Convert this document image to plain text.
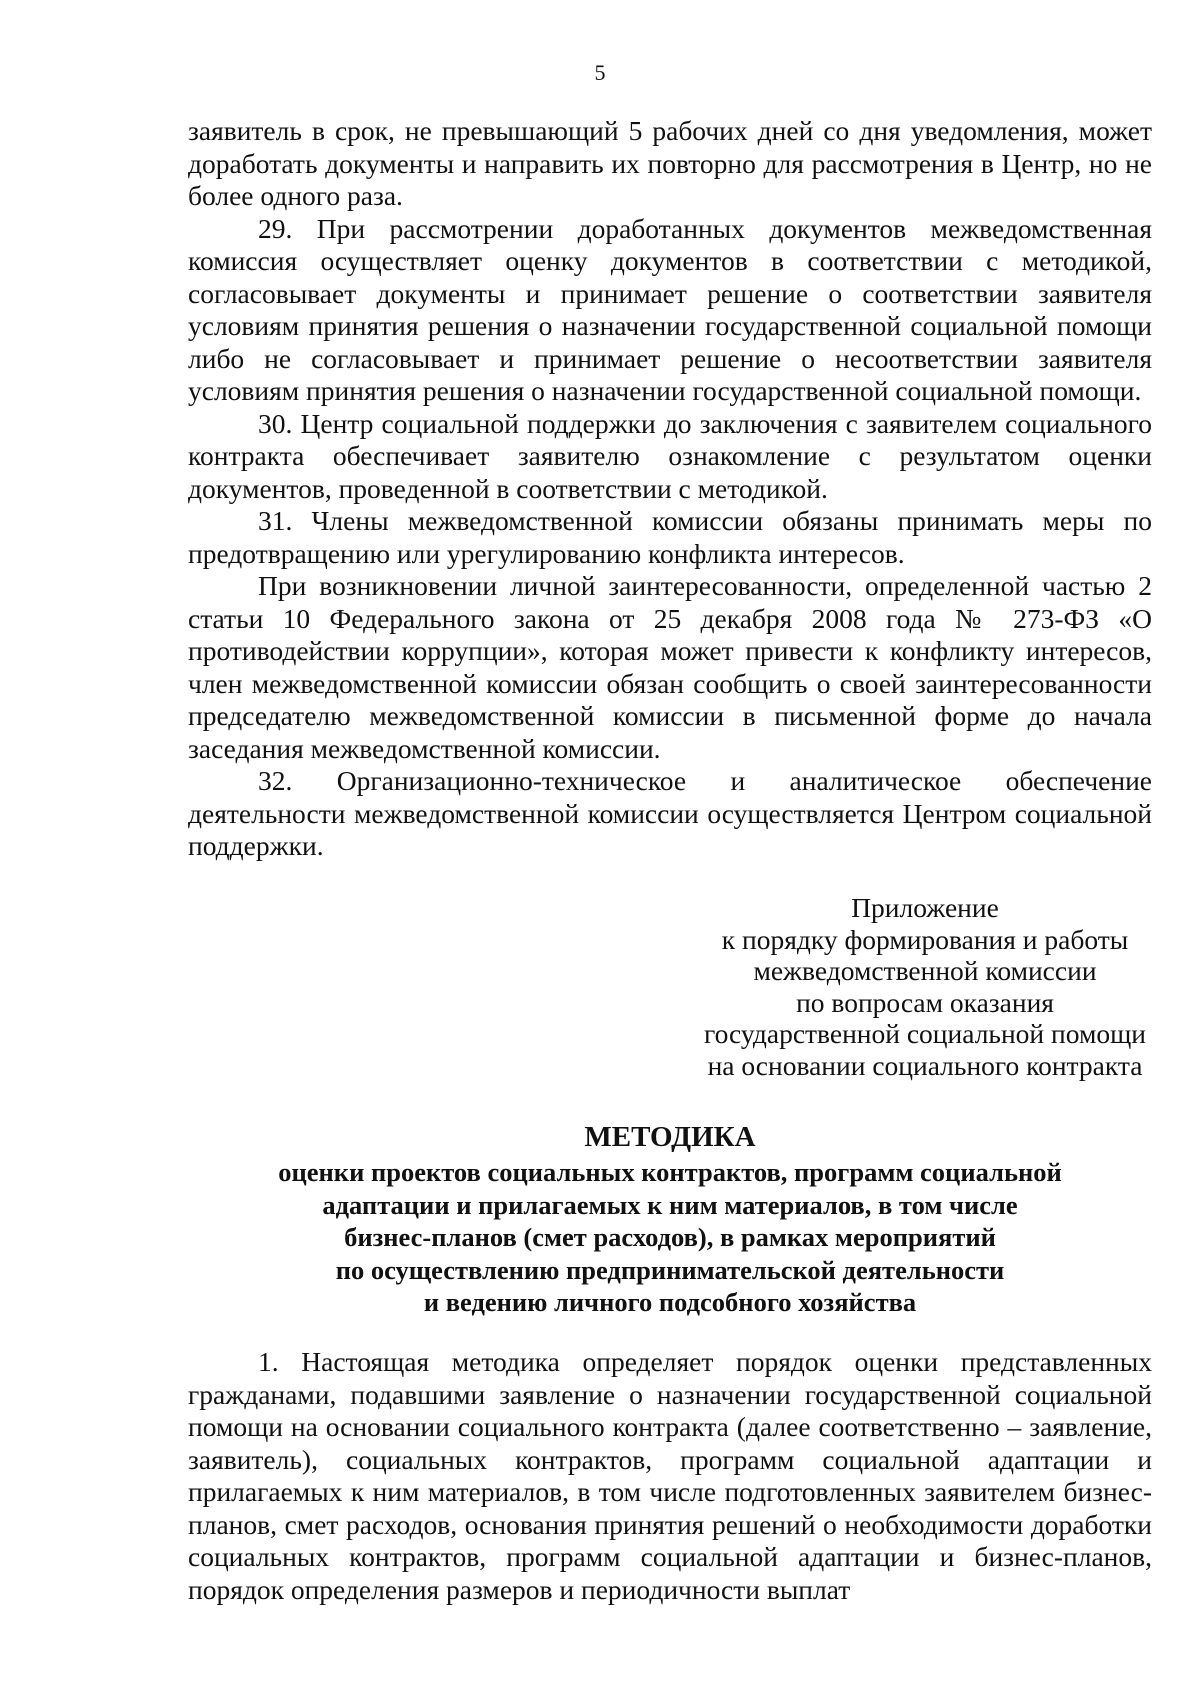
5

заявитель в срок, не превышающий 5 рабочих дней со дня уведомления, может доработать документы и направить их повторно для рассмотрения в Центр, но не более одного раза.

29. При рассмотрении доработанных документов межведомственная комиссия осуществляет оценку документов в соответствии с методикой, согласовывает документы и принимает решение о соответствии заявителя условиям принятия решения о назначении государственной социальной помощи либо не согласовывает и принимает решение о несоответствии заявителя условиям принятия решения о назначении государственной социальной помощи.

30. Центр социальной поддержки до заключения с заявителем социального контракта обеспечивает заявителю ознакомление с результатом оценки документов, проведенной в соответствии с методикой.

31. Члены межведомственной комиссии обязаны принимать меры по предотвращению или урегулированию конфликта интересов.

При возникновении личной заинтересованности, определенной частью 2 статьи 10 Федерального закона от 25 декабря 2008 года № 273-ФЗ «О противодействии коррупции», которая может привести к конфликту интересов, член межведомственной комиссии обязан сообщить о своей заинтересованности председателю межведомственной комиссии в письменной форме до начала заседания межведомственной комиссии.

32. Организационно-техническое и аналитическое обеспечение деятельности межведомственной комиссии осуществляется Центром социальной поддержки.

Приложение
к порядку формирования и работы
межведомственной комиссии
по вопросам оказания
государственной социальной помощи
на основании социального контракта
МЕТОДИКА
оценки проектов социальных контрактов, программ социальной
адаптации и прилагаемых к ним материалов, в том числе
бизнес-планов (смет расходов), в рамках мероприятий
по осуществлению предпринимательской деятельности
и ведению личного подсобного хозяйства

1. Настоящая методика определяет порядок оценки представленных гражданами, подавшими заявление о назначении государственной социальной помощи на основании социального контракта (далее соответственно – заявление, заявитель), социальных контрактов, программ социальной адаптации и прилагаемых к ним материалов, в том числе подготовленных заявителем бизнес-планов, смет расходов, основания принятия решений о необходимости доработки социальных контрактов, программ социальной адаптации и бизнес-планов, порядок определения размеров и периодичности выплат
